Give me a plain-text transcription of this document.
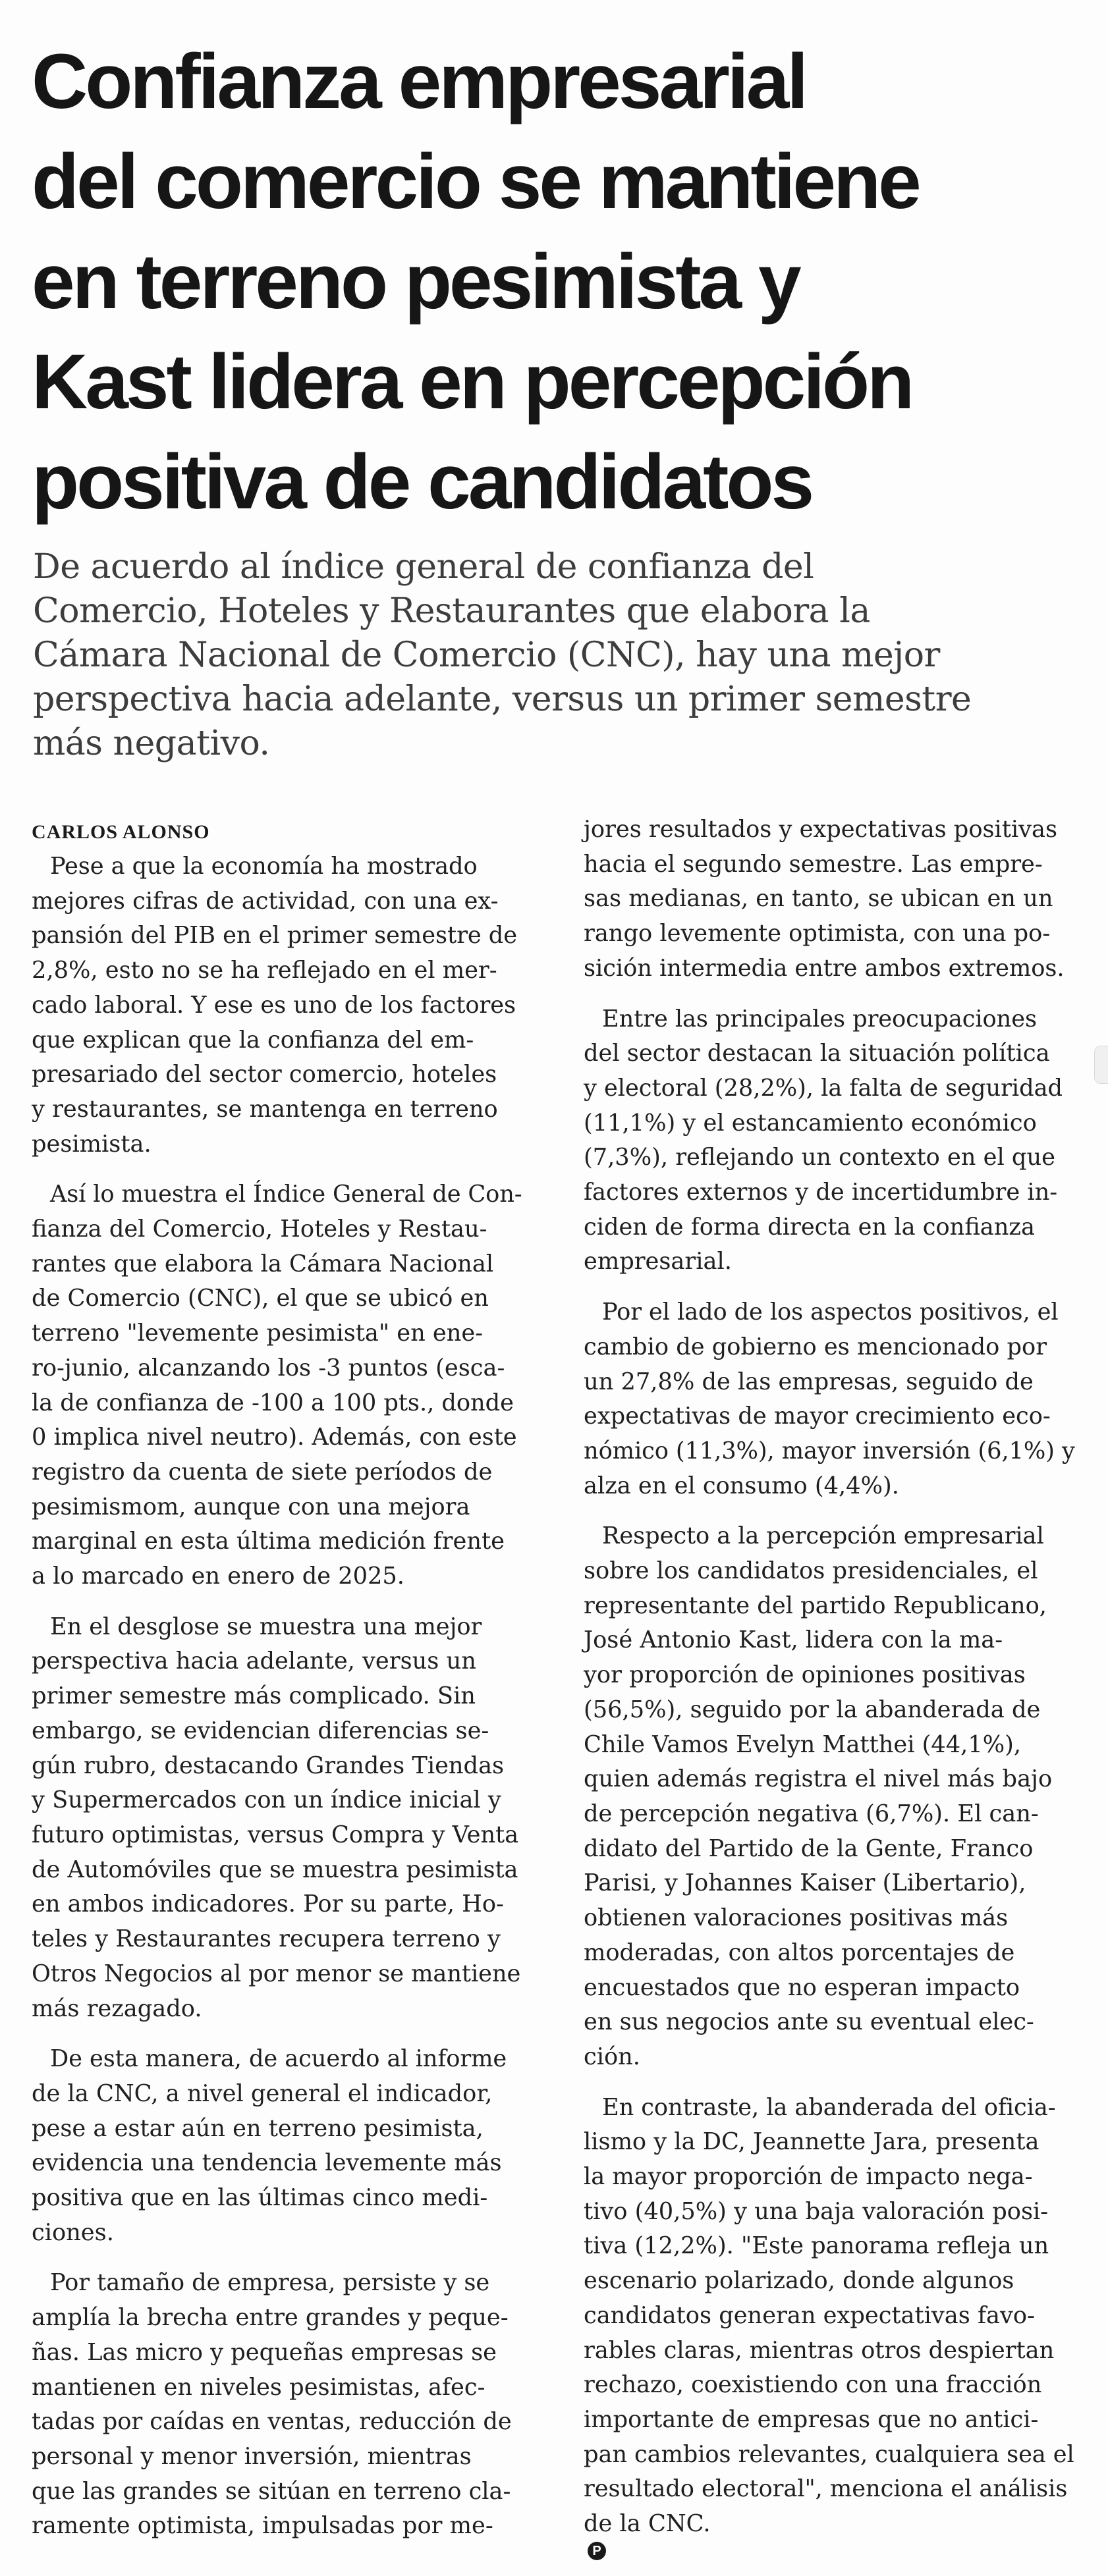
Confianza empresarial
del comercio se mantiene
en terreno pesimista y
Kast lidera en percepción
positiva de candidatos

De acuerdo al índice general de confianza del
Comercio, Hoteles y Restaurantes que elabora la
Cámara Nacional de Comercio (CNC), hay una mejor
perspectiva hacia adelante, versus un primer semestre
más negativo.

CARLOS ALONSO

Pese a que la economía ha mostrado
mejores cifras de actividad, con una ex-
pansión del PIB en el primer semestre de
2,8%, esto no se ha reflejado en el mer-
cado laboral. Y ese es uno de los factores
que explican que la confianza del em-
presariado del sector comercio, hoteles
y restaurantes, se mantenga en terreno
pesimista.

Así lo muestra el Índice General de Con-
fianza del Comercio, Hoteles y Restau-
rantes que elabora la Cámara Nacional
de Comercio (CNC), el que se ubicó en
terreno "levemente pesimista" en ene-
ro-junio, alcanzando los -3 puntos (esca-
la de confianza de -100 a 100 pts., donde
0 implica nivel neutro). Además, con este
registro da cuenta de siete períodos de
pesimismom, aunque con una mejora
marginal en esta última medición frente
a lo marcado en enero de 2025.

En el desglose se muestra una mejor
perspectiva hacia adelante, versus un
primer semestre más complicado. Sin
embargo, se evidencian diferencias se-
gún rubro, destacando Grandes Tiendas
y Supermercados con un índice inicial y
futuro optimistas, versus Compra y Venta
de Automóviles que se muestra pesimista
en ambos indicadores. Por su parte, Ho-
teles y Restaurantes recupera terreno y
Otros Negocios al por menor se mantiene
más rezagado.

De esta manera, de acuerdo al informe
de la CNC, a nivel general el indicador,
pese a estar aún en terreno pesimista,
evidencia una tendencia levemente más
positiva que en las últimas cinco medi-
ciones.

Por tamaño de empresa, persiste y se
amplía la brecha entre grandes y peque-
ñas. Las micro y pequeñas empresas se
mantienen en niveles pesimistas, afec-
tadas por caídas en ventas, reducción de
personal y menor inversión, mientras
que las grandes se sitúan en terreno cla-
ramente optimista, impulsadas por me-

jores resultados y expectativas positivas
hacia el segundo semestre. Las empre-
sas medianas, en tanto, se ubican en un
rango levemente optimista, con una po-
sición intermedia entre ambos extremos.

Entre las principales preocupaciones
del sector destacan la situación política
y electoral (28,2%), la falta de seguridad
(11,1%) y el estancamiento económico
(7,3%), reflejando un contexto en el que
factores externos y de incertidumbre in-
ciden de forma directa en la confianza
empresarial.

Por el lado de los aspectos positivos, el
cambio de gobierno es mencionado por
un 27,8% de las empresas, seguido de
expectativas de mayor crecimiento eco-
nómico (11,3%), mayor inversión (6,1%) y
alza en el consumo (4,4%).

Respecto a la percepción empresarial
sobre los candidatos presidenciales, el
representante del partido Republicano,
José Antonio Kast, lidera con la ma-
yor proporción de opiniones positivas
(56,5%), seguido por la abanderada de
Chile Vamos Evelyn Matthei (44,1%),
quien además registra el nivel más bajo
de percepción negativa (6,7%). El can-
didato del Partido de la Gente, Franco
Parisi, y Johannes Kaiser (Libertario),
obtienen valoraciones positivas más
moderadas, con altos porcentajes de
encuestados que no esperan impacto
en sus negocios ante su eventual elec-
ción.

En contraste, la abanderada del oficia-
lismo y la DC, Jeannette Jara, presenta
la mayor proporción de impacto nega-
tivo (40,5%) y una baja valoración posi-
tiva (12,2%). "Este panorama refleja un
escenario polarizado, donde algunos
candidatos generan expectativas favo-
rables claras, mientras otros despiertan
rechazo, coexistiendo con una fracción
importante de empresas que no antici-
pan cambios relevantes, cualquiera sea el
resultado electoral", menciona el análisis
de la CNC.
P
